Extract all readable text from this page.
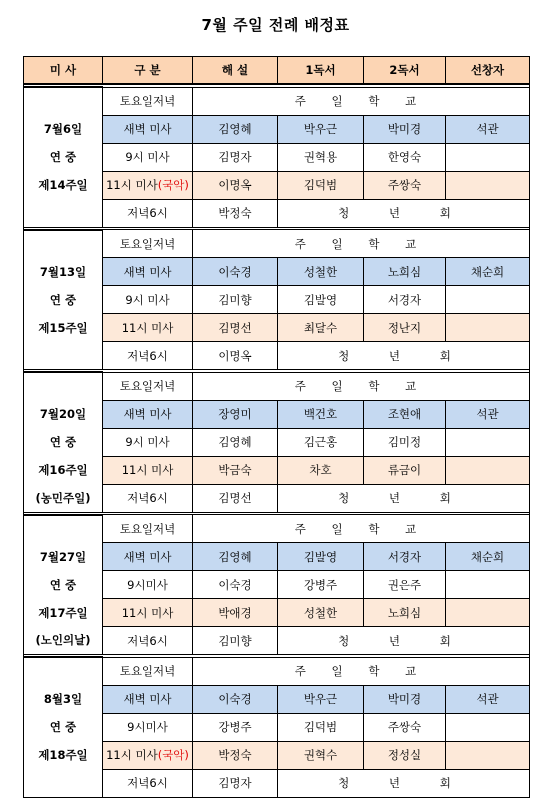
7월 주일 전례 배정표
미 사	구 분	해 설	1독서	2독서	선창자

	토요일저녁	주 일 학 교			
7월6일	새벽 미사	김영혜	박우근	박미경	석관
연 중	9시 미사	김명자	권혁용	한영숙	
제14주일	11시 미사(국악)	이명옥	김덕범	주쌍숙	
	저녁6시	박정숙	청 년 회		

	토요일저녁	주 일 학 교			
7월13일	새벽 미사	이숙경	성철한	노희심	채순희
연 중	9시 미사	김미향	김발영	서경자	
제15주일	11시 미사	김명선	최달수	정난지	
	저녁6시	이명옥	청 년 회		

	토요일저녁	주 일 학 교			
7월20일	새벽 미사	장영미	백건호	조현애	석관
연 중	9시 미사	김영혜	김근홍	김미정	
제16주일	11시 미사	박금숙	차호	류금이	
(농민주일)	저녁6시	김명선	청 년 회		

	토요일저녁	주 일 학 교			
7월27일	새벽 미사	김영혜	김발영	서경자	채순희
연 중	9시미사	이숙경	강병주	권은주	
제17주일	11시 미사	박애경	성철한	노희심	
(노인의날)	저녁6시	김미향	청 년 회		

	토요일저녁	주 일 학 교			
8월3일	새벽 미사	이숙경	박우근	박미경	석관
연 중	9시미사	강병주	김덕범	주쌍숙	
제18주일	11시 미사(국악)	박정숙	권혁수	정성실	
	저녁6시	김명자	청 년 회		
